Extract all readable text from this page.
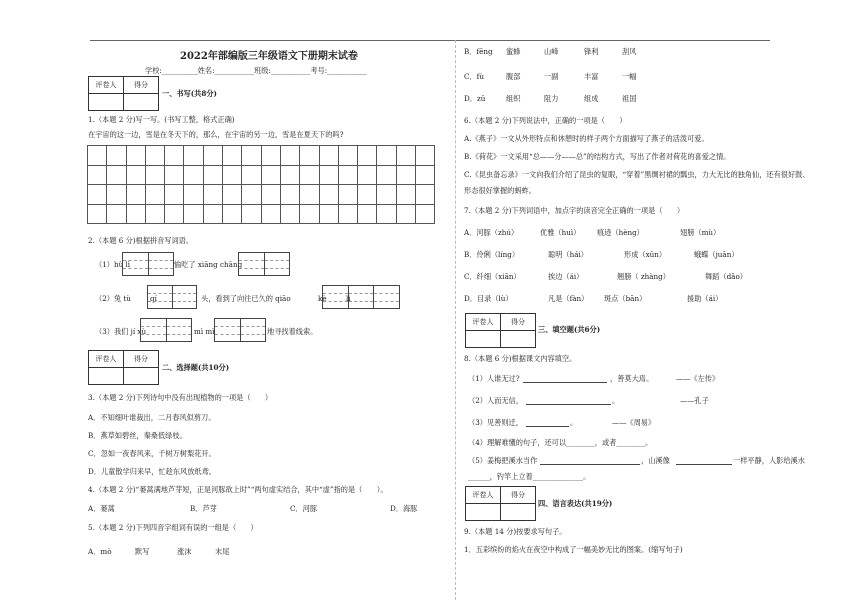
2022年部编版三年级语文下册期末试卷
学校:__________姓名:___________班级:___________考号:___________
评卷人	得分

一、书写(共8分)
1.（本题 2 分)写一写。(书写工整，格式正确)
在宇宙的这一边，雪是在冬天下的，那么，在宇宙的另一边，雪是在夏天下的吗?

2.（本题 6 分)根据拼音写词语。
（1）hù lì	愉吃了 xiāng chāng
（2）兔 tù	qí	头，看到了向往已久的 qiāo	kè	lì
（3）我们 jí xù	mì mì	地寻找着线索。
评卷人	得分

二、选择题(共10分)
3.（本题 2 分)下列诗句中没有出现植物的一项是（　　）
A．不知细叶谁裁出，二月春风似剪刀。
B．燕草如碧丝，秦桑低绿枝。
C．忽如一夜春风来，千树万树梨花开。
D．儿童散学归来早，忙趁东风放纸鸢。
4.（本题 2 分)“蒌蒿满地芦芽短，正是河豚欲上时”“两句虚实结合，其中“虚”指的是（　　）。
A．蒌蒿	B．芦芽	C．河豚	D．海豚
5.（本题 2 分)下列四音字组词有误的一组是（　　）
A．mò	默写	涨沫	末尾
B．fēng 蜜蜂	山峰	锋利	刮风
C．fù	腹部	一副	丰富	一幅
D．zǔ	组织	阻力	组成	祖国
6.（本题 2 分)下列说法中，正确的一项是（　　）
A.《燕子》一文从外形特点和休憩时的样子两个方面描写了燕子的活泼可爱。
B.《荷花》一文采用“总——分——总”的结构方式，写出了作者对荷花的喜爱之情。
C.《昆虫备忘录》一文向我们介绍了昆虫的复眼，“穿着”黑绸衬裙的瓢虫，力大无比的独角仙，还有很好鼓、
形态很好掌握的蚂蚱。
7.（本题 2 分)下列词语中，加点字的读音完全正确的一项是（　　）
A．河豚（zhú）	优雅（huì） 痕迹（hèng）	翅膀（mù）
B．伶俐（líng）	聪明（hái）	形成（xūn）	蛾蝶（juān）
C．纤细（xiān）	挨边（ái）	翘膀（ zhàng）	舞蹈（dǎo）
D．目录（lù）	凡是（fàn） 斑点（bān）	援助（ái）
评卷人	得分

三、填空题(共6分)
8.（本题 6 分)根据课文内容填空。
（1）人谁无过?	，善莫大焉。	——《左传》
（2）人而无信，	。	——孔子
（3）见善则迁，	。	——《周易》
（4）理解难懂的句子，还可以________，或者________。
（5）姜梅把溪水当作	，山溪像	一样平静，人影给溪水
______，钓竿上立着______________。
评卷人	得分

四、语言表达(共19分)
9.（本题 14 分)按要求写句子。
1．五彩缤纷的焰火在夜空中构成了一幅美妙无比的图案。(缩写句子)
